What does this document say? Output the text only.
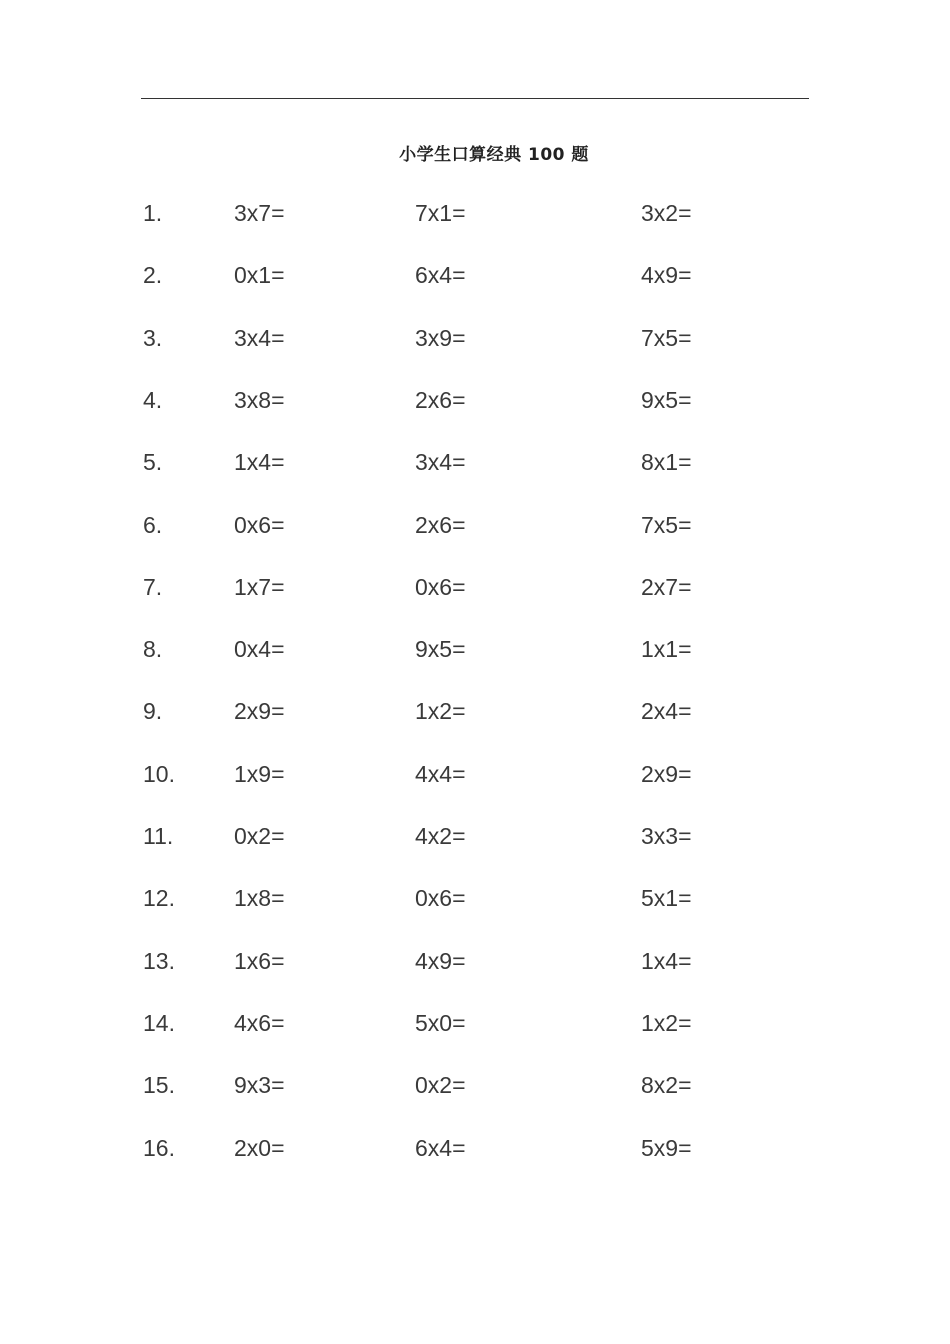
小学生口算经典 100 题
1.	3x7=	7x1=	3x2=
2.	0x1=	6x4=	4x9=
3.	3x4=	3x9=	7x5=
4.	3x8=	2x6=	9x5=
5.	1x4=	3x4=	8x1=
6.	0x6=	2x6=	7x5=
7.	1x7=	0x6=	2x7=
8.	0x4=	9x5=	1x1=
9.	2x9=	1x2=	2x4=
10.	1x9=	4x4=	2x9=
11.	0x2=	4x2=	3x3=
12.	1x8=	0x6=	5x1=
13.	1x6=	4x9=	1x4=
14.	4x6=	5x0=	1x2=
15.	9x3=	0x2=	8x2=
16.	2x0=	6x4=	5x9=
